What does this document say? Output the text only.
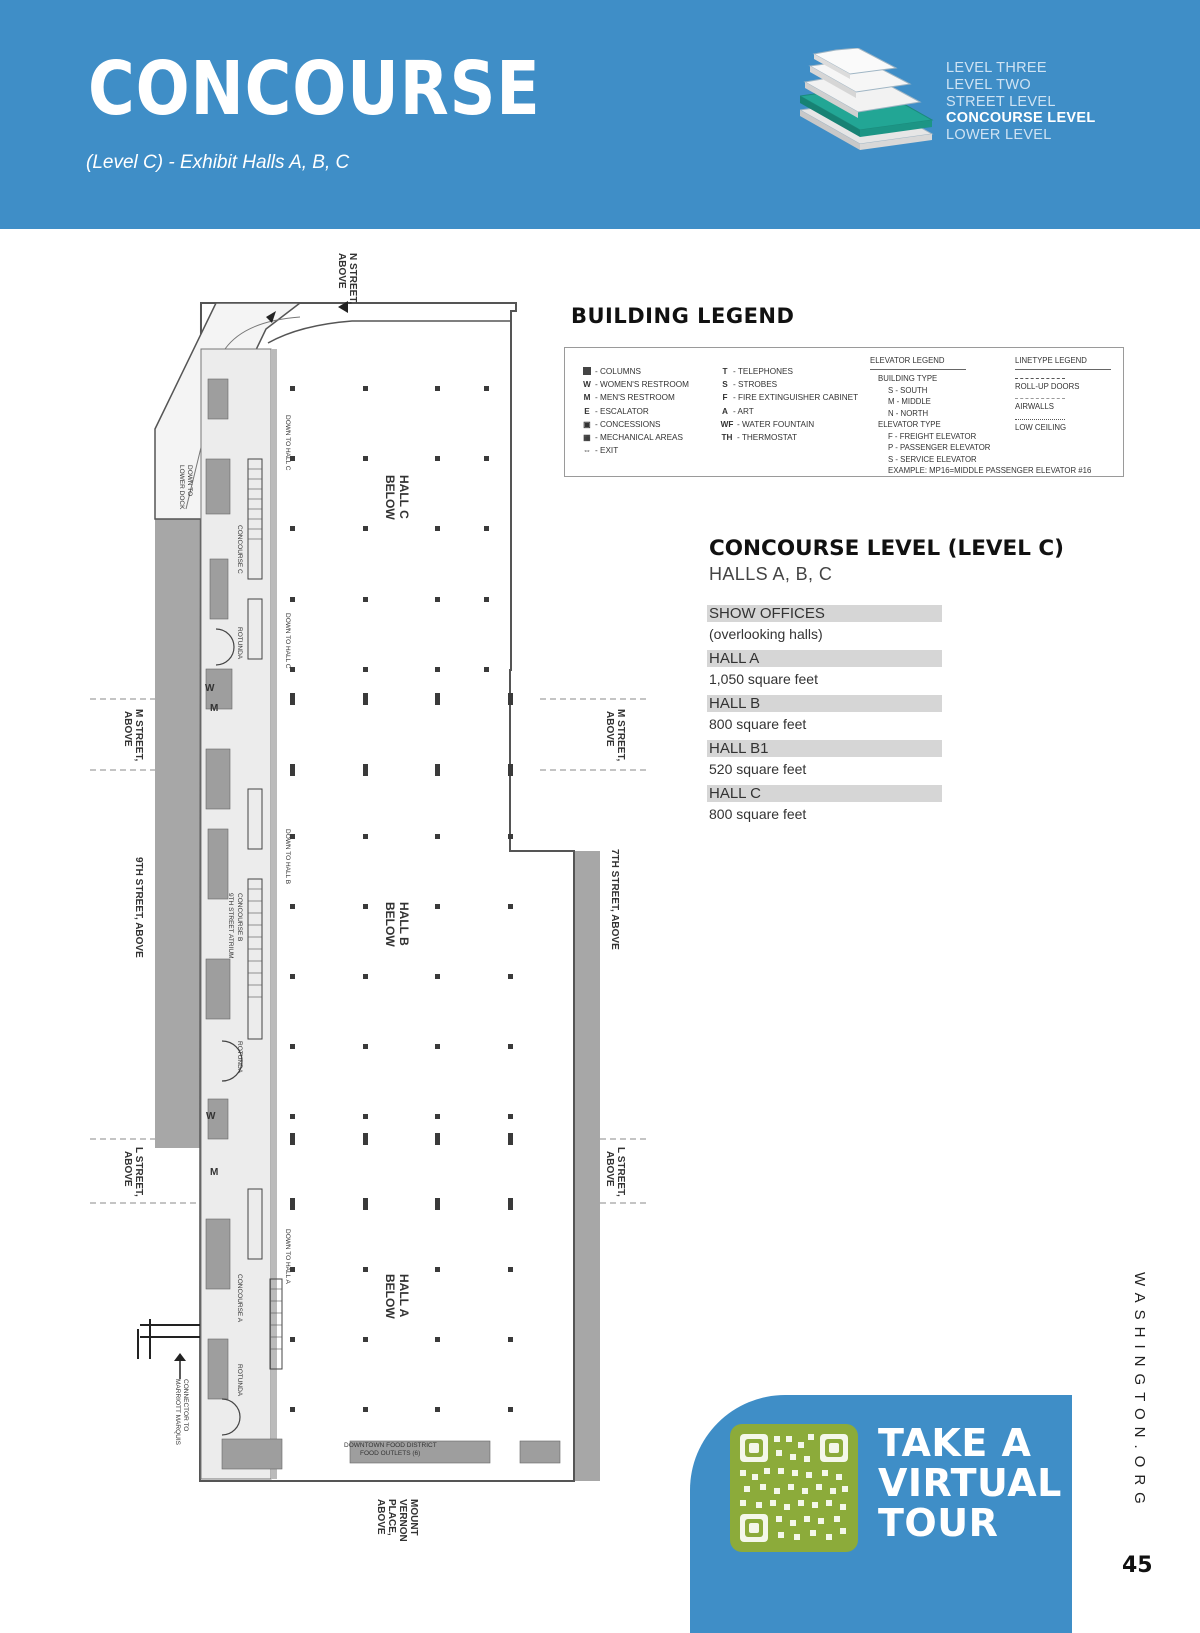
CONCOURSE
(Level C) - Exhibit Halls A, B, C
LEVEL THREE
LEVEL TWO
STREET LEVEL
CONCOURSE LEVEL
LOWER LEVEL
W
M
W
M
N STREET,
ABOVE
M STREET,
ABOVE	M STREET,
ABOVE
9TH STREET, ABOVE	7TH STREET, ABOVE
L STREET,
ABOVE	L STREET,
ABOVE
MOUNT
VERNON
PLACE,
ABOVE
HALL C
BELOW
HALL B
BELOW
HALL A
BELOW
DOWN TO
LOWER DOCK
CONCOURSE C
CONCOURSE B
9TH STREET ATRIUM
CONCOURSE A
ROTUNDA
ROTUNDA
ROTUNDA
DOWN TO HALL C
DOWN TO HALL C
DOWN TO HALL B
DOWN TO HALL A
CONNECTOR TO
MARRIOTT MARQUIS
DOWNTOWN FOOD DISTRICT
FOOD OUTLETS (6)
BUILDING LEGEND
- COLUMNS
W - WOMEN'S RESTROOM
M - MEN'S RESTROOM
E - ESCALATOR
▣ - CONCESSIONS
▦ - MECHANICAL AREAS
⇔ - EXIT
T - TELEPHONES
S - STROBES
F - FIRE EXTINGUISHER CABINET
A - ART
WF - WATER FOUNTAIN
TH - THERMOSTAT
ELEVATOR LEGEND
BUILDING TYPE
S - SOUTH
M - MIDDLE
N - NORTH
ELEVATOR TYPE
F - FREIGHT ELEVATOR
P - PASSENGER ELEVATOR
S - SERVICE ELEVATOR
EXAMPLE: MP16=MIDDLE PASSENGER ELEVATOR #16
LINETYPE LEGEND
ROLL-UP DOORS
AIRWALLS
LOW CEILING
CONCOURSE LEVEL (LEVEL C)
HALLS A, B, C
SHOW OFFICES
(overlooking halls)
HALL A
1,050 square feet
HALL B
800 square feet
HALL B1
520 square feet
HALL C
800 square feet
TAKE A
VIRTUAL
TOUR
WASHINGTON.ORG
45
